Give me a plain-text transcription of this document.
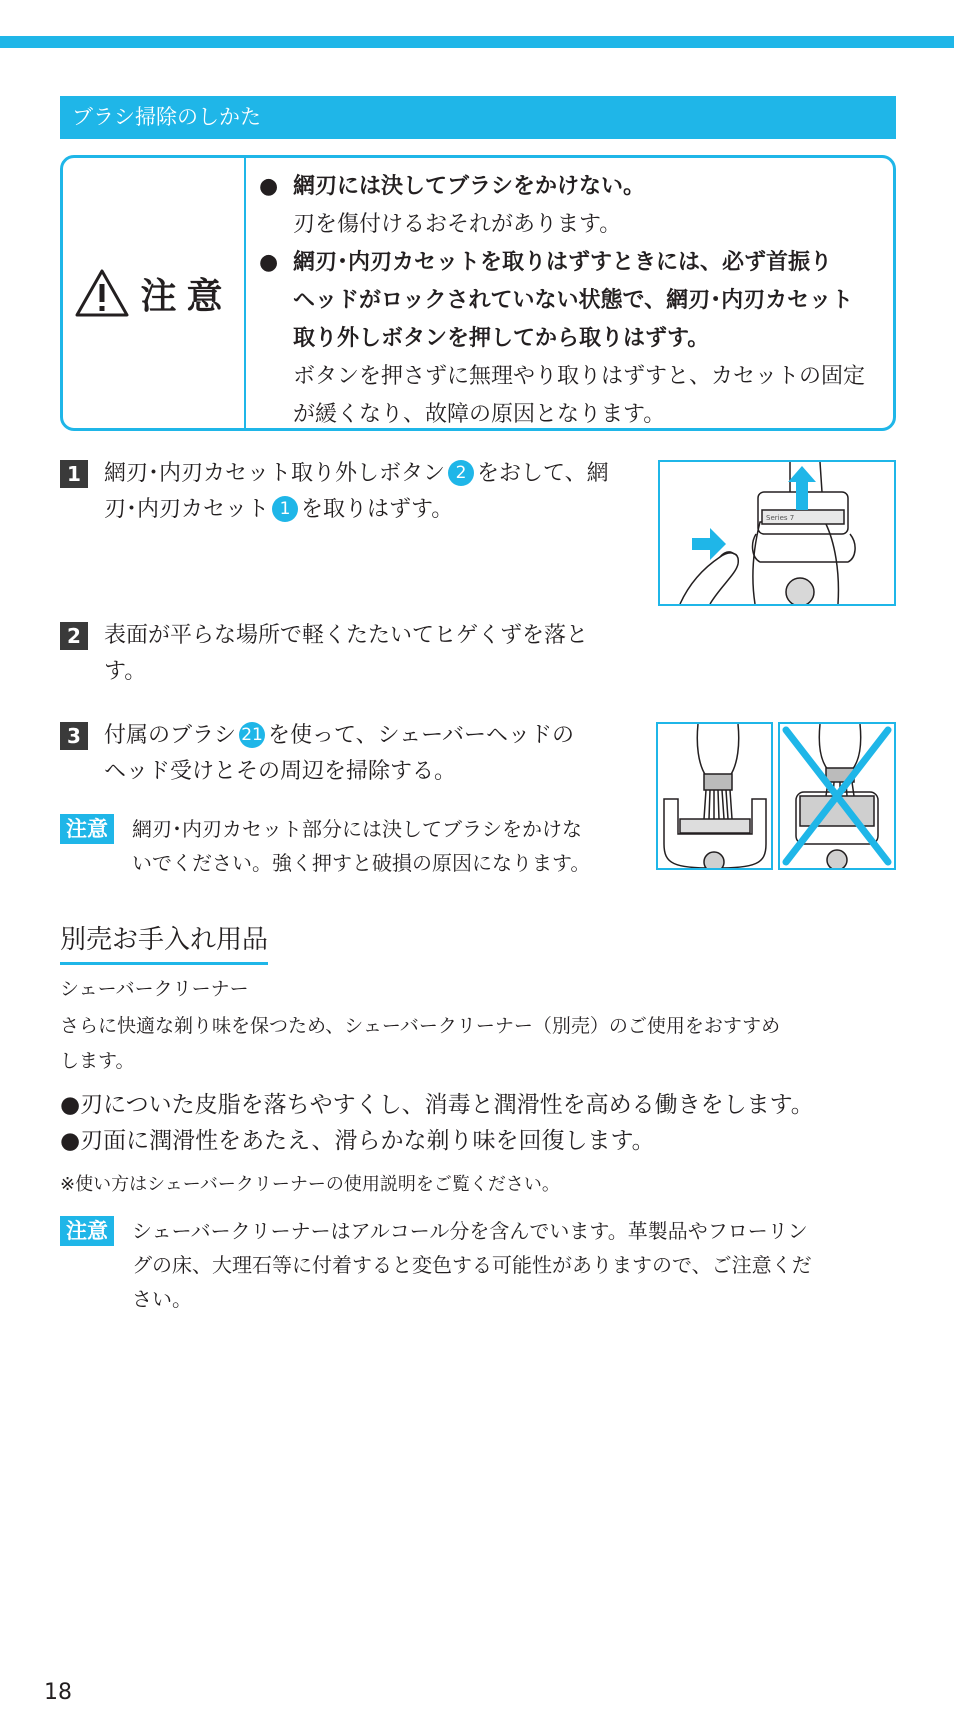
ブラシ掃除のしかた
注意
● 網刃には決してブラシをかけない。
刃を傷付けるおそれがあります。
● 網刃･内刃カセットを取りはずすときには、必ず首振り
ヘッドがロックされていない状態で、網刃･内刃カセット
取り外しボタンを押してから取りはずす。
ボタンを押さずに無理やり取りはずすと、カセットの固定
が緩くなり、故障の原因となります。
1	網刃･内刃カセット取り外しボタン 2 をおして、網
刃･内刃カセット 1 を取りはずす。	Series 7
2	表面が平らな場所で軽くたたいてヒゲくずを落と
す。
3	付属のブラシ 21 を使って、シェーバーヘッドの
ヘッド受けとその周辺を掃除する。
注意 網刃･内刃カセット部分には決してブラシをかけな
いでください。強く押すと破損の原因になります。
別売お手入れ用品
シェーバークリーナー
さらに快適な剃り味を保つため、シェーバークリーナー（別売）のご使用をおすすめ
します。
●刃についた皮脂を落ちやすくし、消毒と潤滑性を高める働きをします。
●刃面に潤滑性をあたえ、滑らかな剃り味を回復します。
※使い方はシェーバークリーナーの使用説明をご覧ください。
注意 シェーバークリーナーはアルコール分を含んでいます。革製品やフローリン
グの床、大理石等に付着すると変色する可能性がありますので、ご注意くだ
さい。
18
